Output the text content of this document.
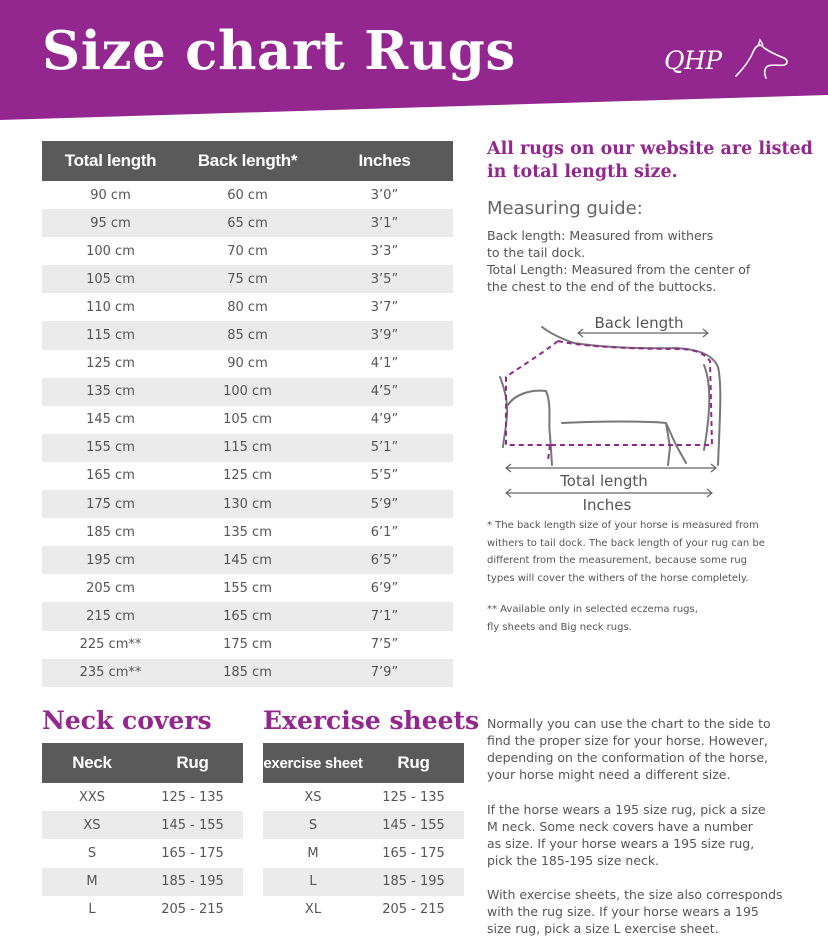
Size chart Rugs	QHP
Total length	Back length*	Inches
90 cm	60 cm	3’0”
95 cm	65 cm	3’1”
100 cm	70 cm	3’3”
105 cm	75 cm	3’5”
110 cm	80 cm	3’7”
115 cm	85 cm	3’9”
125 cm	90 cm	4’1”
135 cm	100 cm	4’5”
145 cm	105 cm	4’9”
155 cm	115 cm	5’1”
165 cm	125 cm	5’5”
175 cm	130 cm	5’9”
185 cm	135 cm	6’1”
195 cm	145 cm	6’5”
205 cm	155 cm	6’9”
215 cm	165 cm	7’1”
225 cm**	175 cm	7’5”
235 cm**	185 cm	7’9”
All rugs on our website are listed in total length size.
Measuring guide:

Back length: Measured from withers
to the tail dock.
Total Length: Measured from the center of
the chest to the end of the buttocks.

Back length
Total length
Inches

* The back length size of your horse is measured from
withers to tail dock. The back length of your rug can be
different from the measurement, because some rug
types will cover the withers of the horse completely.

** Available only in selected eczema rugs,
fly sheets and Big neck rugs.

Neck covers
Neck	Rug
XXS	125 - 135
XS	145 - 155
S	165 - 175
M	185 - 195
L	205 - 215
Exercise sheets
exercise sheet	Rug
XS	125 - 135
S	145 - 155
M	165 - 175
L	185 - 195
XL	205 - 215

Normally you can use the chart to the side to
find the proper size for your horse. However,
depending on the conformation of the horse,
your horse might need a different size.

If the horse wears a 195 size rug, pick a size
M neck. Some neck covers have a number
as size. If your horse wears a 195 size rug,
pick the 185-195 size neck.

With exercise sheets, the size also corresponds
with the rug size. If your horse wears a 195
size rug, pick a size L exercise sheet.
